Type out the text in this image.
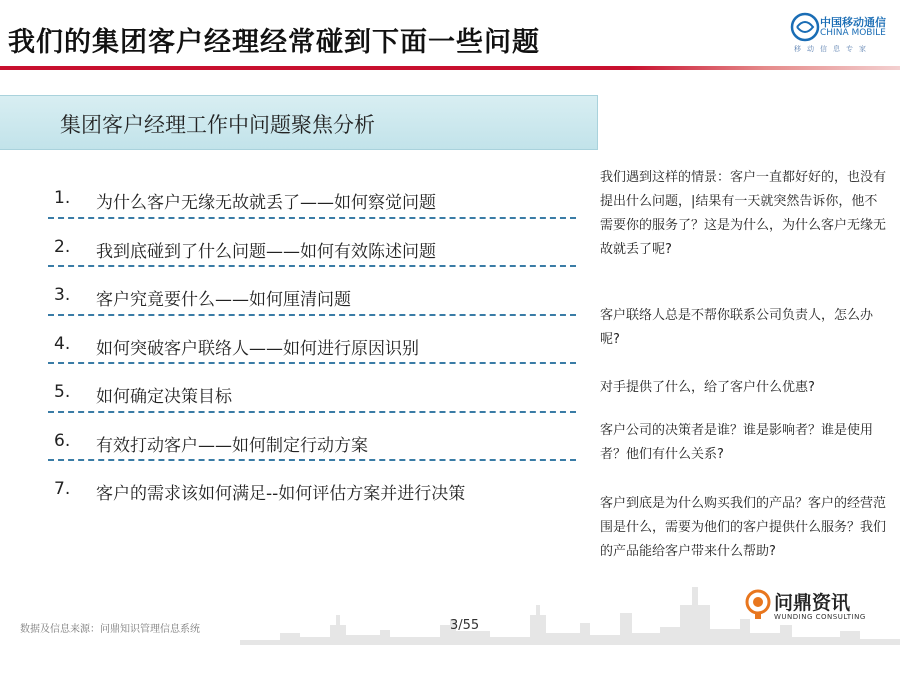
我们的集团客户经理经常碰到下面一些问题
中国移动通信
CHINA MOBILE
移动信息专家
集团客户经理工作中问题聚焦分析
1. 为什么客户无缘无故就丢了——如何察觉问题
2. 我到底碰到了什么问题——如何有效陈述问题
3. 客户究竟要什么——如何厘清问题
4. 如何突破客户联络人——如何进行原因识别
5. 如何确定决策目标
6. 有效打动客户——如何制定行动方案
7. 客户的需求该如何满足--如何评估方案并进行决策
我们遇到这样的情景：客户一直都好好的，也没有提出什么问题，|结果有一天就突然告诉你，他不需要你的服务了？这是为什么，为什么客户无缘无故就丢了呢?
客户联络人总是不帮你联系公司负责人，怎么办呢?
对手提供了什么，给了客户什么优惠?
客户公司的决策者是谁？谁是影响者？谁是使用者？他们有什么关系?
客户到底是为什么购买我们的产品？客户的经营范围是什么，需要为他们的客户提供什么服务？我们的产品能给客户带来什么帮助?
数据及信息来源：问鼎知识管理信息系统	3/55
问鼎资讯
WUNDING CONSULTING
